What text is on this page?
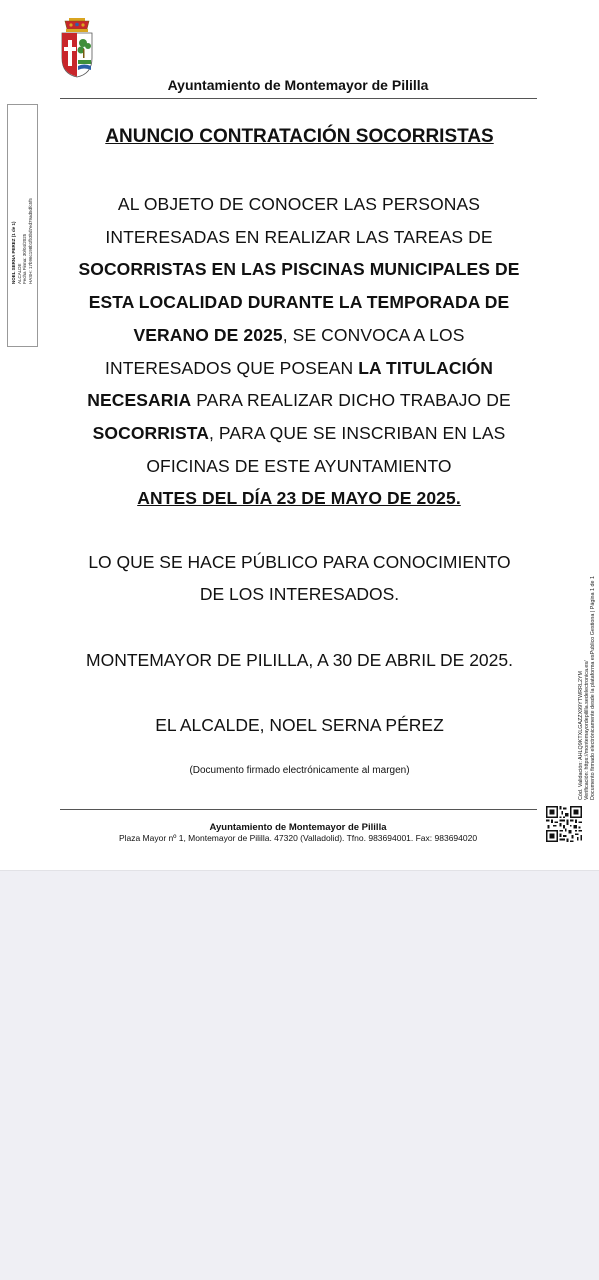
Ayuntamiento de Montemayor de Pililla
NOEL SERNA PEREZ (1 de 1) ALCALDE Fecha Firma: 30/04/2025 HASH: 17b96c198b1fb3bd7ed79ad5dfc5f5
ANUNCIO CONTRATACIÓN SOCORRISTAS
AL OBJETO DE CONOCER LAS PERSONAS
INTERESADAS EN REALIZAR LAS TAREAS DE
SOCORRISTAS EN LAS PISCINAS MUNICIPALES DE
ESTA LOCALIDAD DURANTE LA TEMPORADA DE
VERANO DE 2025, SE CONVOCA A LOS
INTERESADOS QUE POSEAN LA TITULACIÓN
NECESARIA PARA REALIZAR DICHO TRABAJO DE
SOCORRISTA, PARA QUE SE INSCRIBAN EN LAS
OFICINAS DE ESTE AYUNTAMIENTO
ANTES DEL DÍA 23 DE MAYO DE 2025.
LO QUE SE HACE PÚBLICO PARA CONOCIMIENTO
DE LOS INTERESADOS.
MONTEMAYOR DE PILILLA, A 30 DE ABRIL DE 2025.
EL ALCALDE, NOEL SERNA PÉREZ
(Documento firmado electrónicamente al margen)
Ayuntamiento de Montemayor de Pililla
Plaza Mayor nº 1, Montemayor de Pililla. 47320 (Valladolid). Tfno. 983694001. Fax: 983694020
Cód. Validación: AHLQ9KTXLGAZZX99YTWRRL2YM Verificación: https://montemayordepililla.sedelectronica.es/ Documento firmado electrónicamente desde la plataforma esPublico Gestiona | Página 1 de 1
